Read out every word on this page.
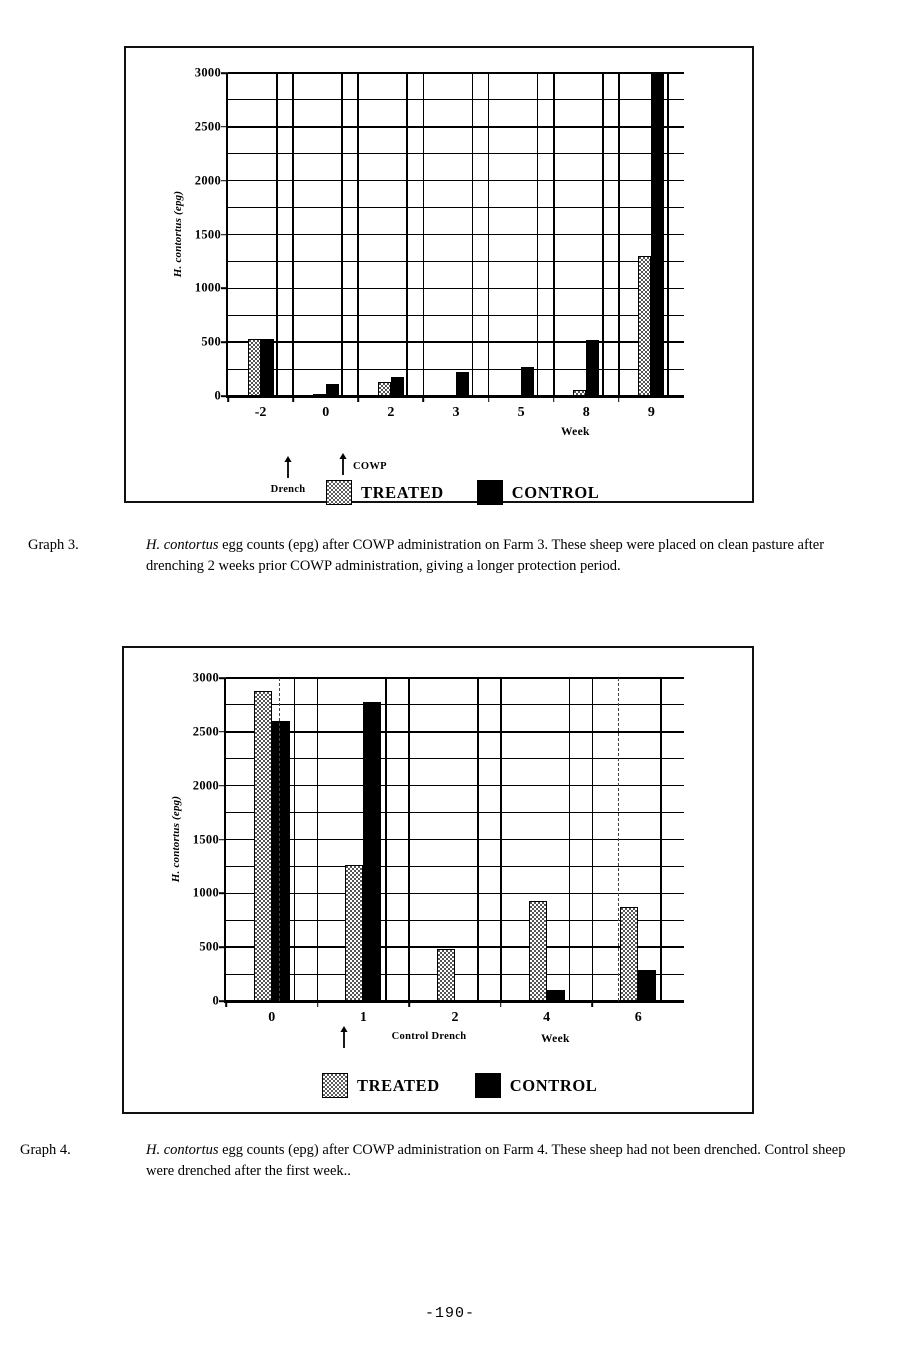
0
500
1000
1500
2000
2500
3000
-2	0	2	3	5	8	9
H. contortus (epg)
Week
Drench
COWP
TREATED	CONTROL
Graph 3.	H. contortus egg counts (epg) after COWP administration on Farm 3. These sheep were placed on clean pasture after drenching 2 weeks prior COWP administration, giving a longer protection period.
0
500
1000
1500
2000
2500
3000
0	1	2	4	6
H. contortus (epg)
Week
Control Drench
TREATED	CONTROL
Graph 4.	H. contortus egg counts (epg) after COWP administration on Farm 4. These sheep had not been drenched. Control sheep were drenched after the first week..
-190-
